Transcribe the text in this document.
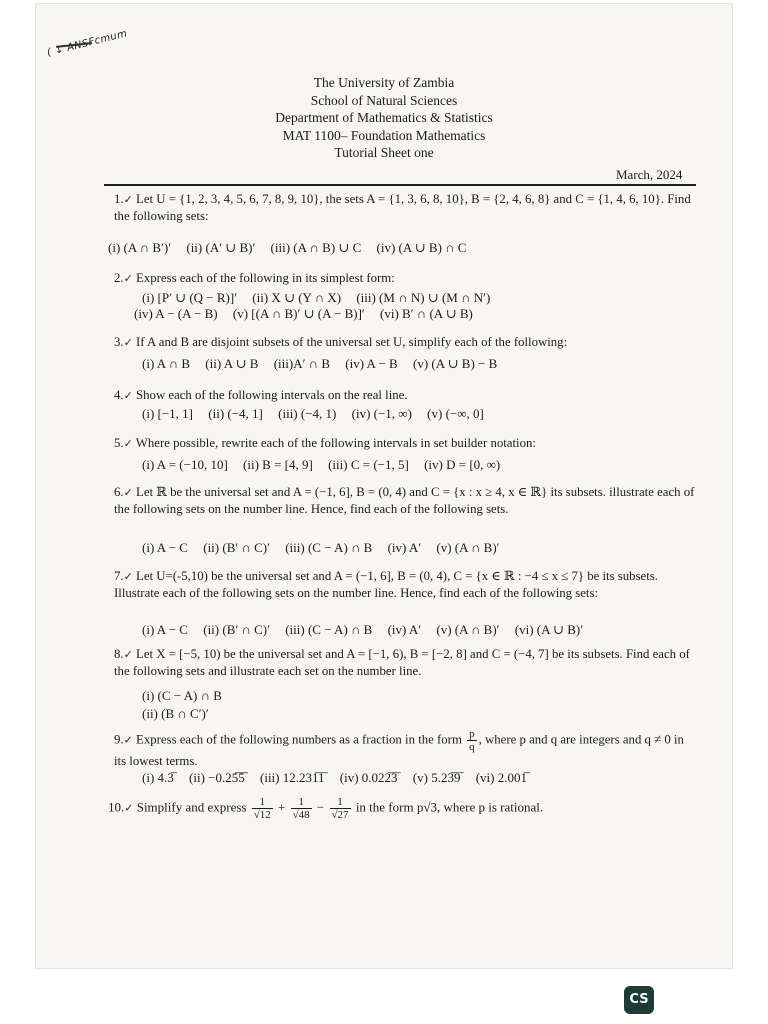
( ↓ ANSFcmum
The University of Zambia
School of Natural Sciences
Department of Mathematics & Statistics
MAT 1100– Foundation Mathematics
Tutorial Sheet one
March, 2024
1.✓ Let U = {1, 2, 3, 4, 5, 6, 7, 8, 9, 10}, the sets A = {1, 3, 6, 8, 10}, B = {2, 4, 6, 8} and C = {1, 4, 6, 10}. Find the following sets:
(i) (A ∩ B′)′ (ii) (A′ ∪ B)′ (iii) (A ∩ B) ∪ C (iv) (A ∪ B) ∩ C
2.✓ Express each of the following in its simplest form:
(i) [P′ ∪ (Q − R)]′ (ii) X ∪ (Y ∩ X) (iii) (M ∩ N) ∪ (M ∩ N′)
(iv) A − (A − B) (v) [(A ∩ B)′ ∪ (A − B)]′ (vi) B′ ∩ (A ∪ B)
3.✓ If A and B are disjoint subsets of the universal set U, simplify each of the following:
(i) A ∩ B (ii) A ∪ B (iii)A′ ∩ B (iv) A − B (v) (A ∪ B) − B
4.✓ Show each of the following intervals on the real line.
(i) [−1, 1] (ii) (−4, 1] (iii) (−4, 1) (iv) (−1, ∞) (v) (−∞, 0]
5.✓ Where possible, rewrite each of the following intervals in set builder notation:
(i) A = (−10, 10] (ii) B = [4, 9] (iii) C = (−1, 5] (iv) D = [0, ∞)
6.✓ Let ℝ be the universal set and A = (−1, 6], B = (0, 4) and C = {x : x ≥ 4, x ∈ ℝ} its subsets. illustrate each of the following sets on the number line. Hence, find each of the following sets.
(i) A − C (ii) (B′ ∩ C)′ (iii) (C − A) ∩ B (iv) A′ (v) (A ∩ B)′
7.✓ Let U=(-5,10) be the universal set and A = (−1, 6], B = (0, 4), C = {x ∈ ℝ : −4 ≤ x ≤ 7} be its subsets. Illustrate each of the following sets on the number line. Hence, find each of the following sets:
(i) A − C (ii) (B′ ∩ C)′ (iii) (C − A) ∩ B (iv) A′ (v) (A ∩ B)′ (vi) (A ∪ B)′
8.✓ Let X = [−5, 10) be the universal set and A = [−1, 6), B = [−2, 8] and C = (−4, 7] be its subsets. Find each of the following sets and illustrate each set on the number line.
(i) (C − A) ∩ B
(ii) (B ∩ C′)′
9.✓ Express each of the following numbers as a fraction in the form $\frac{p}{q}$ , where p and q are integers and q ≠ 0 in its lowest terms.
(i) 4.3̅ (ii) −0.25̅5̅ (iii) 12.231̅1̅ (iv) 0.022̅3̅ (v) 5.23̅9̅ (vi) 2.001̅
10.✓ Simplify and express $\frac{1}{√12} + \frac{1}{√48} - \frac{1}{√27}$ in the form p√3, where p is rational.
CS
